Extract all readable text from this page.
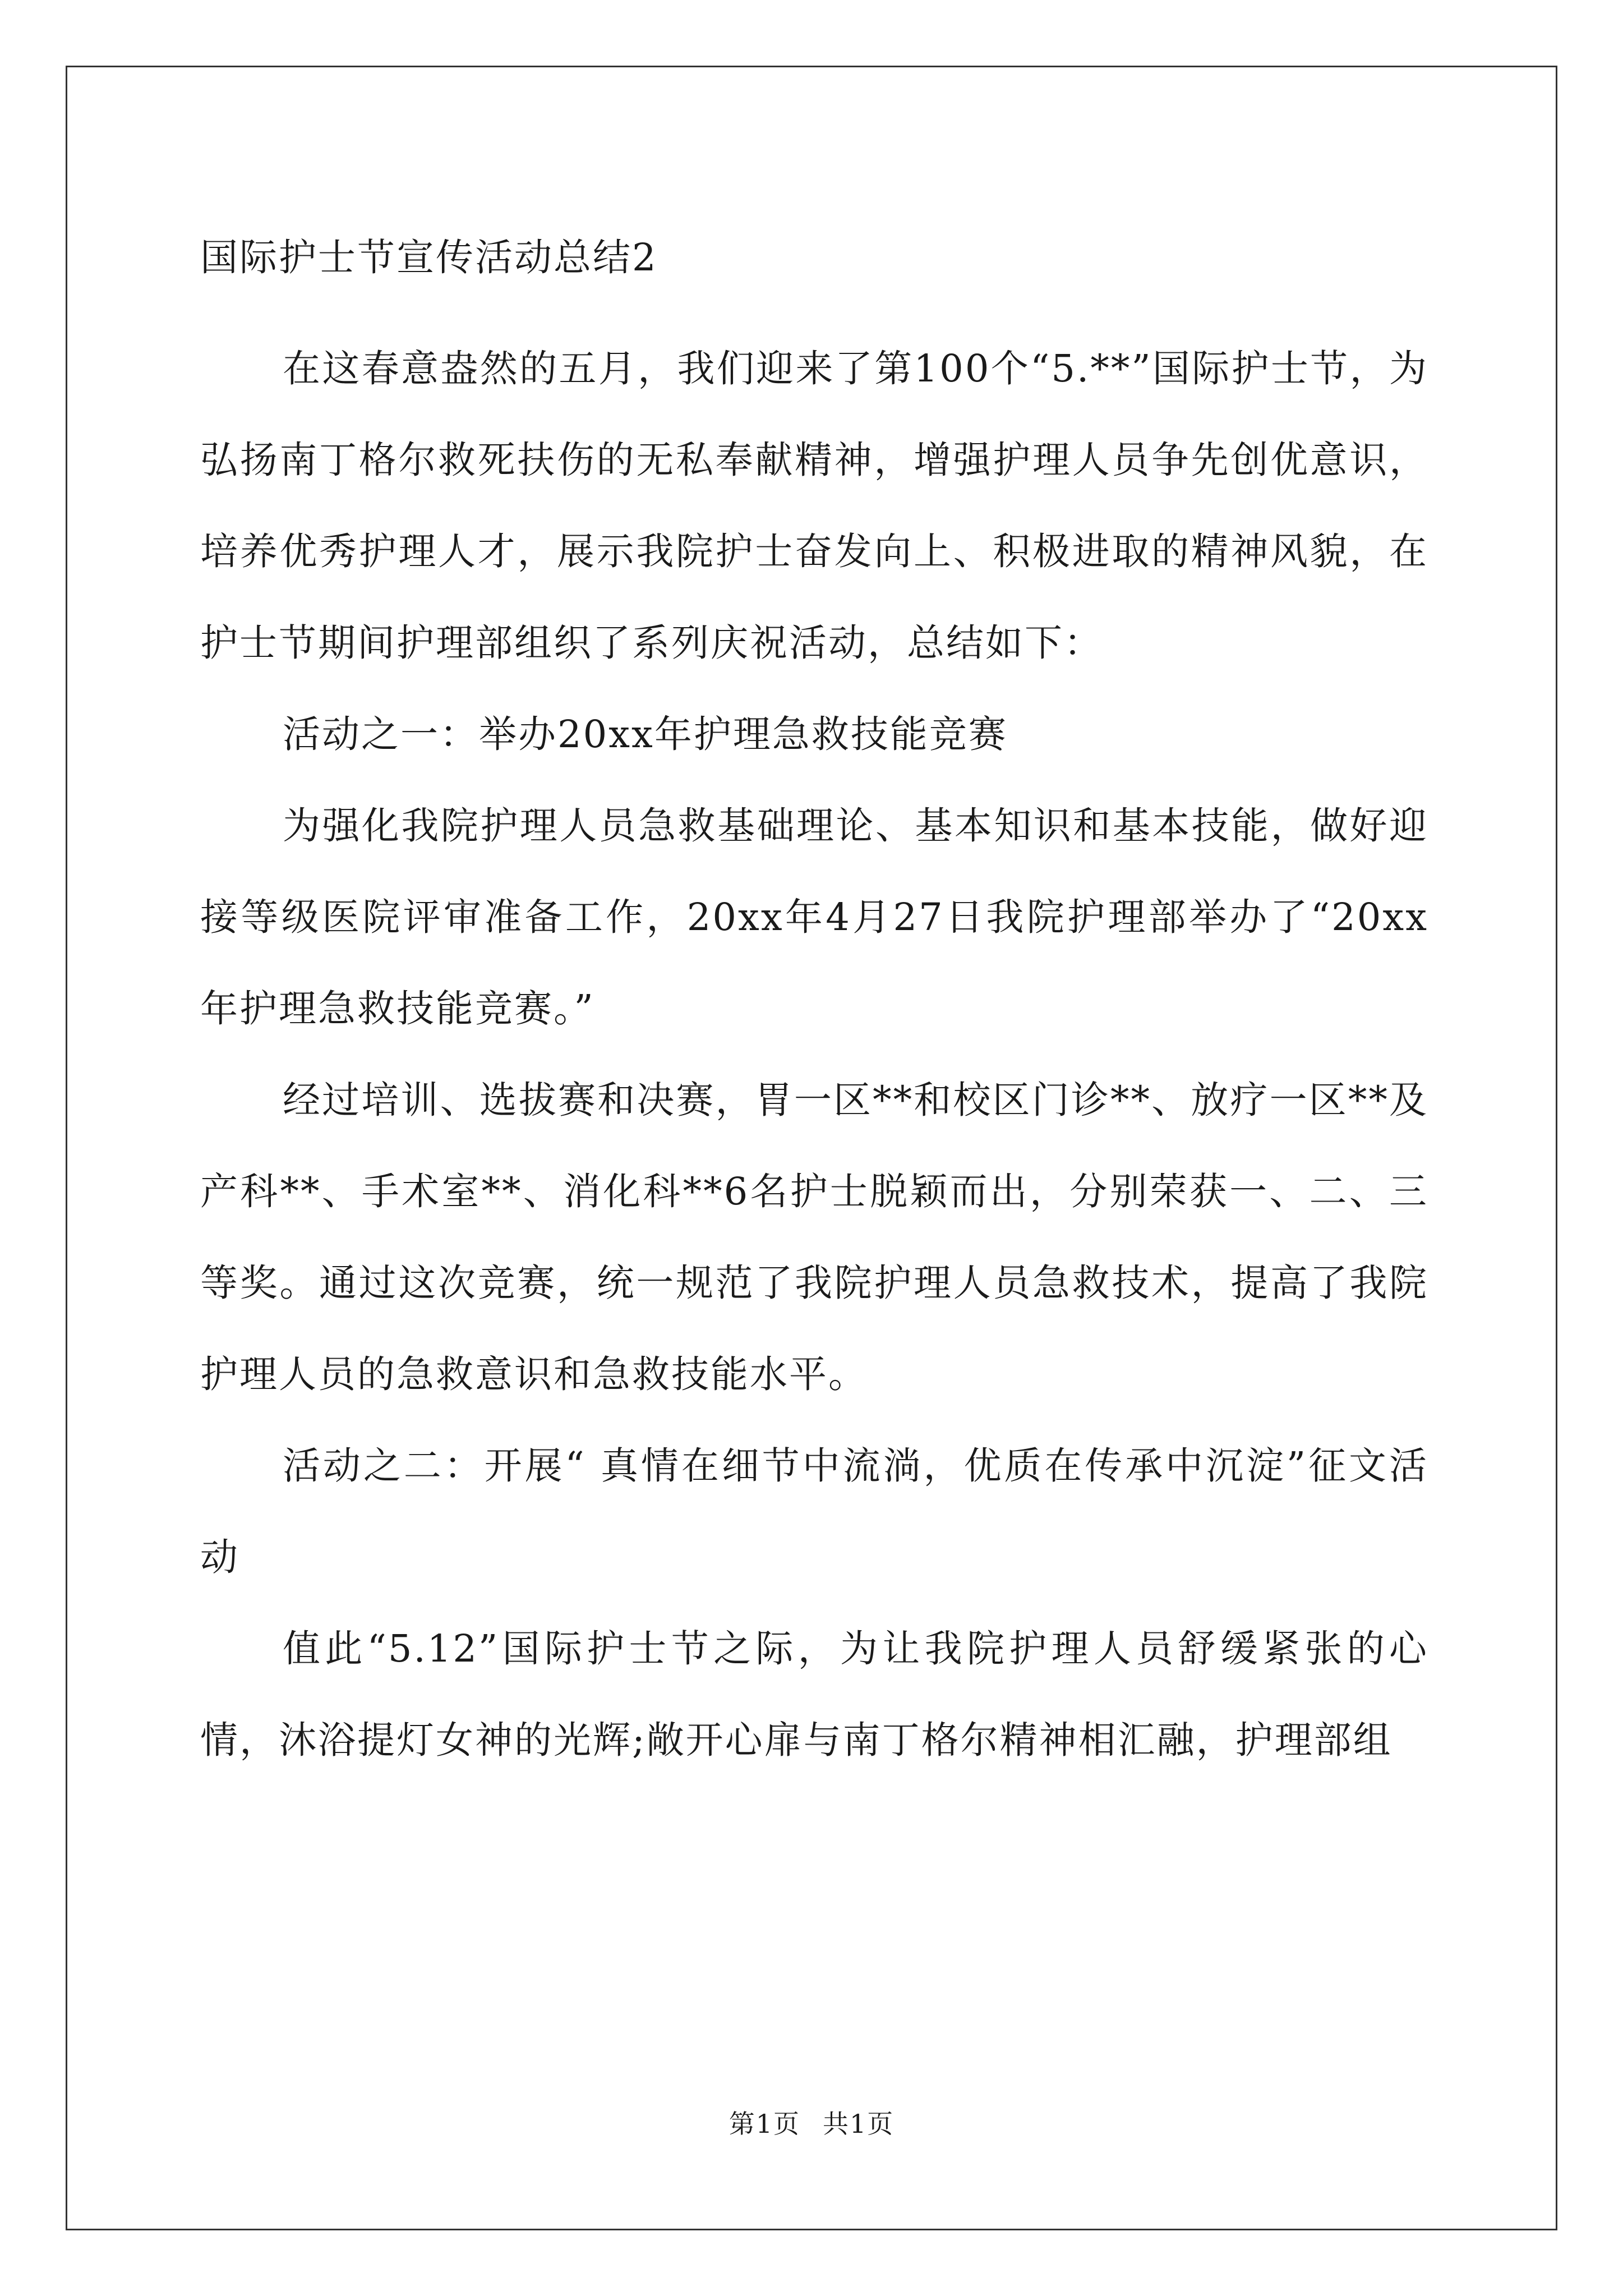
国际护士节宣传活动总结2

在这春意盎然的五月，我们迎来了第100个“5.**”国际护士节，为弘扬南丁格尔救死扶伤的无私奉献精神，增强护理人员争先创优意识，培养优秀护理人才，展示我院护士奋发向上、积极进取的精神风貌，在护士节期间护理部组织了系列庆祝活动，总结如下：

活动之一：举办20xx年护理急救技能竞赛

为强化我院护理人员急救基础理论、基本知识和基本技能，做好迎接等级医院评审准备工作，20xx年4月27日我院护理部举办了“20xx年护理急救技能竞赛。”

经过培训、选拔赛和决赛，胃一区**和校区门诊**、放疗一区**及产科**、手术室**、消化科**6名护士脱颖而出，分别荣获一、二、三等奖。通过这次竞赛，统一规范了我院护理人员急救技术，提高了我院护理人员的急救意识和急救技能水平。

活动之二：开展“ 真情在细节中流淌，优质在传承中沉淀”征文活动

值此“5.12”国际护士节之际，为让我院护理人员舒缓紧张的心情，沐浴提灯女神的光辉;敞开心扉与南丁格尔精神相汇融，护理部组

第1页 共1页
